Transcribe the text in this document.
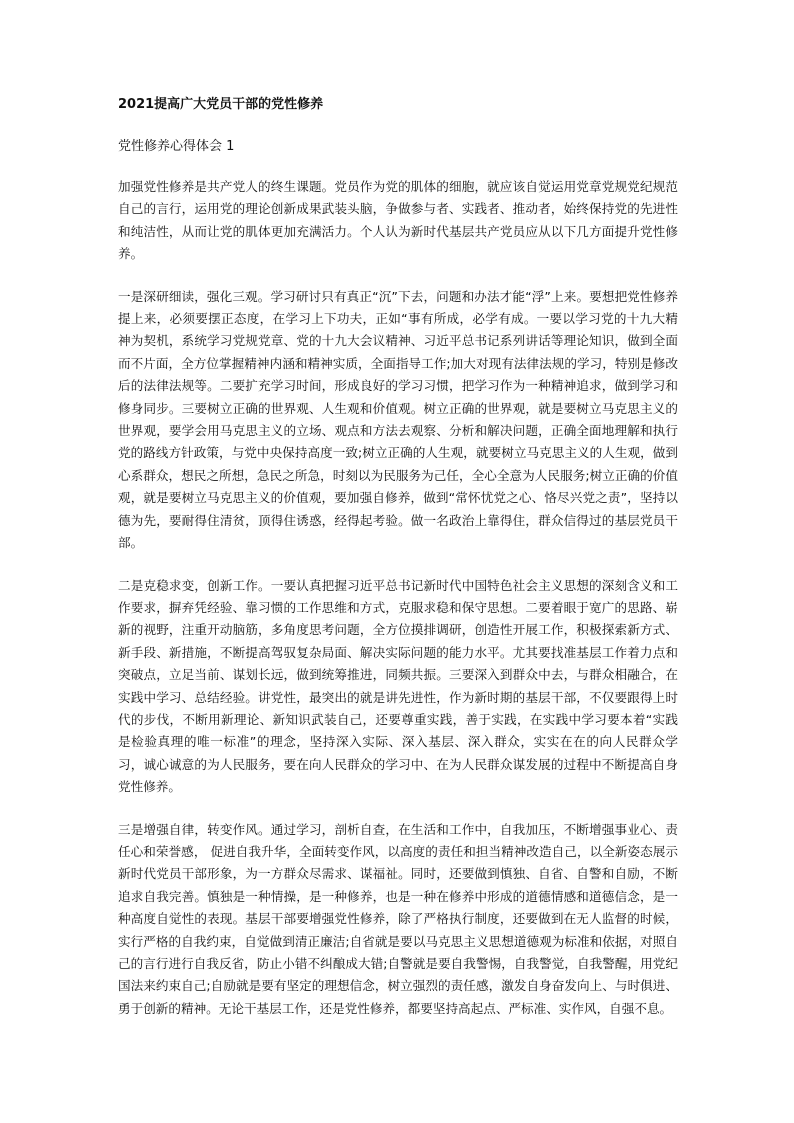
2021提高广大党员干部的党性修养
党性修养心得体会 1

加强党性修养是共产党人的终生课题。党员作为党的肌体的细胞，就应该自觉运用党章党规党纪规范自己的言行，运用党的理论创新成果武装头脑，争做参与者、实践者、推动者，始终保持党的先进性和纯洁性，从而让党的肌体更加充满活力。个人认为新时代基层共产党员应从以下几方面提升党性修养。

一是深研细读，强化三观。学习研讨只有真正“沉”下去，问题和办法才能“浮”上来。要想把党性修养提上来，必须要摆正态度，在学习上下功夫，正如“事有所成，必学有成。一要以学习党的十九大精神为契机，系统学习党规党章、党的十九大会议精神、习近平总书记系列讲话等理论知识，做到全面而不片面，全方位掌握精神内涵和精神实质，全面指导工作;加大对现有法律法规的学习，特别是修改后的法律法规等。二要扩充学习时间，形成良好的学习习惯，把学习作为一种精神追求，做到学习和修身同步。三要树立正确的世界观、人生观和价值观。树立正确的世界观，就是要树立马克思主义的世界观，要学会用马克思主义的立场、观点和方法去观察、分析和解决问题，正确全面地理解和执行党的路线方针政策，与党中央保持高度一致;树立正确的人生观，就要树立马克思主义的人生观，做到心系群众，想民之所想，急民之所急，时刻以为民服务为己任，全心全意为人民服务;树立正确的价值观，就是要树立马克思主义的价值观，要加强自修养，做到“常怀忧党之心、恪尽兴党之责”，坚持以德为先，要耐得住清贫，顶得住诱惑，经得起考验。做一名政治上靠得住，群众信得过的基层党员干部。

二是克稳求变，创新工作。一要认真把握习近平总书记新时代中国特色社会主义思想的深刻含义和工作要求，摒弃凭经验、靠习惯的工作思维和方式，克服求稳和保守思想。二要着眼于宽广的思路、崭新的视野，注重开动脑筋，多角度思考问题，全方位摸排调研，创造性开展工作，积极探索新方式、新手段、新措施，不断提高驾驭复杂局面、解决实际问题的能力水平。尤其要找准基层工作着力点和突破点，立足当前、谋划长远，做到统筹推进，同频共振。三要深入到群众中去，与群众相融合，在实践中学习、总结经验。讲党性，最突出的就是讲先进性，作为新时期的基层干部，不仅要跟得上时代的步伐，不断用新理论、新知识武装自己，还要尊重实践，善于实践，在实践中学习要本着“实践是检验真理的唯一标准”的理念，坚持深入实际、深入基层、深入群众，实实在在的向人民群众学习，诚心诚意的为人民服务，要在向人民群众的学习中、在为人民群众谋发展的过程中不断提高自身党性修养。

三是增强自律，转变作风。通过学习，剖析自查，在生活和工作中，自我加压，不断增强事业心、责任心和荣誉感， 促进自我升华，全面转变作风，以高度的责任和担当精神改造自己，以全新姿态展示新时代党员干部形象，为一方群众尽需求、谋福祉。同时，还要做到慎独、自省、自警和自励，不断追求自我完善。慎独是一种情操，是一种修养，也是一种在修养中形成的道德情感和道德信念，是一种高度自觉性的表现。基层干部要增强党性修养，除了严格执行制度，还要做到在无人监督的时候，实行严格的自我约束，自觉做到清正廉洁;自省就是要以马克思主义思想道德观为标准和依据，对照自己的言行进行自我反省，防止小错不纠酿成大错;自警就是要自我警惕，自我警觉，自我警醒，用党纪国法来约束自己;自励就是要有坚定的理想信念，树立强烈的责任感，激发自身奋发向上、与时俱进、勇于创新的精神。无论干基层工作，还是党性修养，都要坚持高起点、严标准、实作风，自强不息。
